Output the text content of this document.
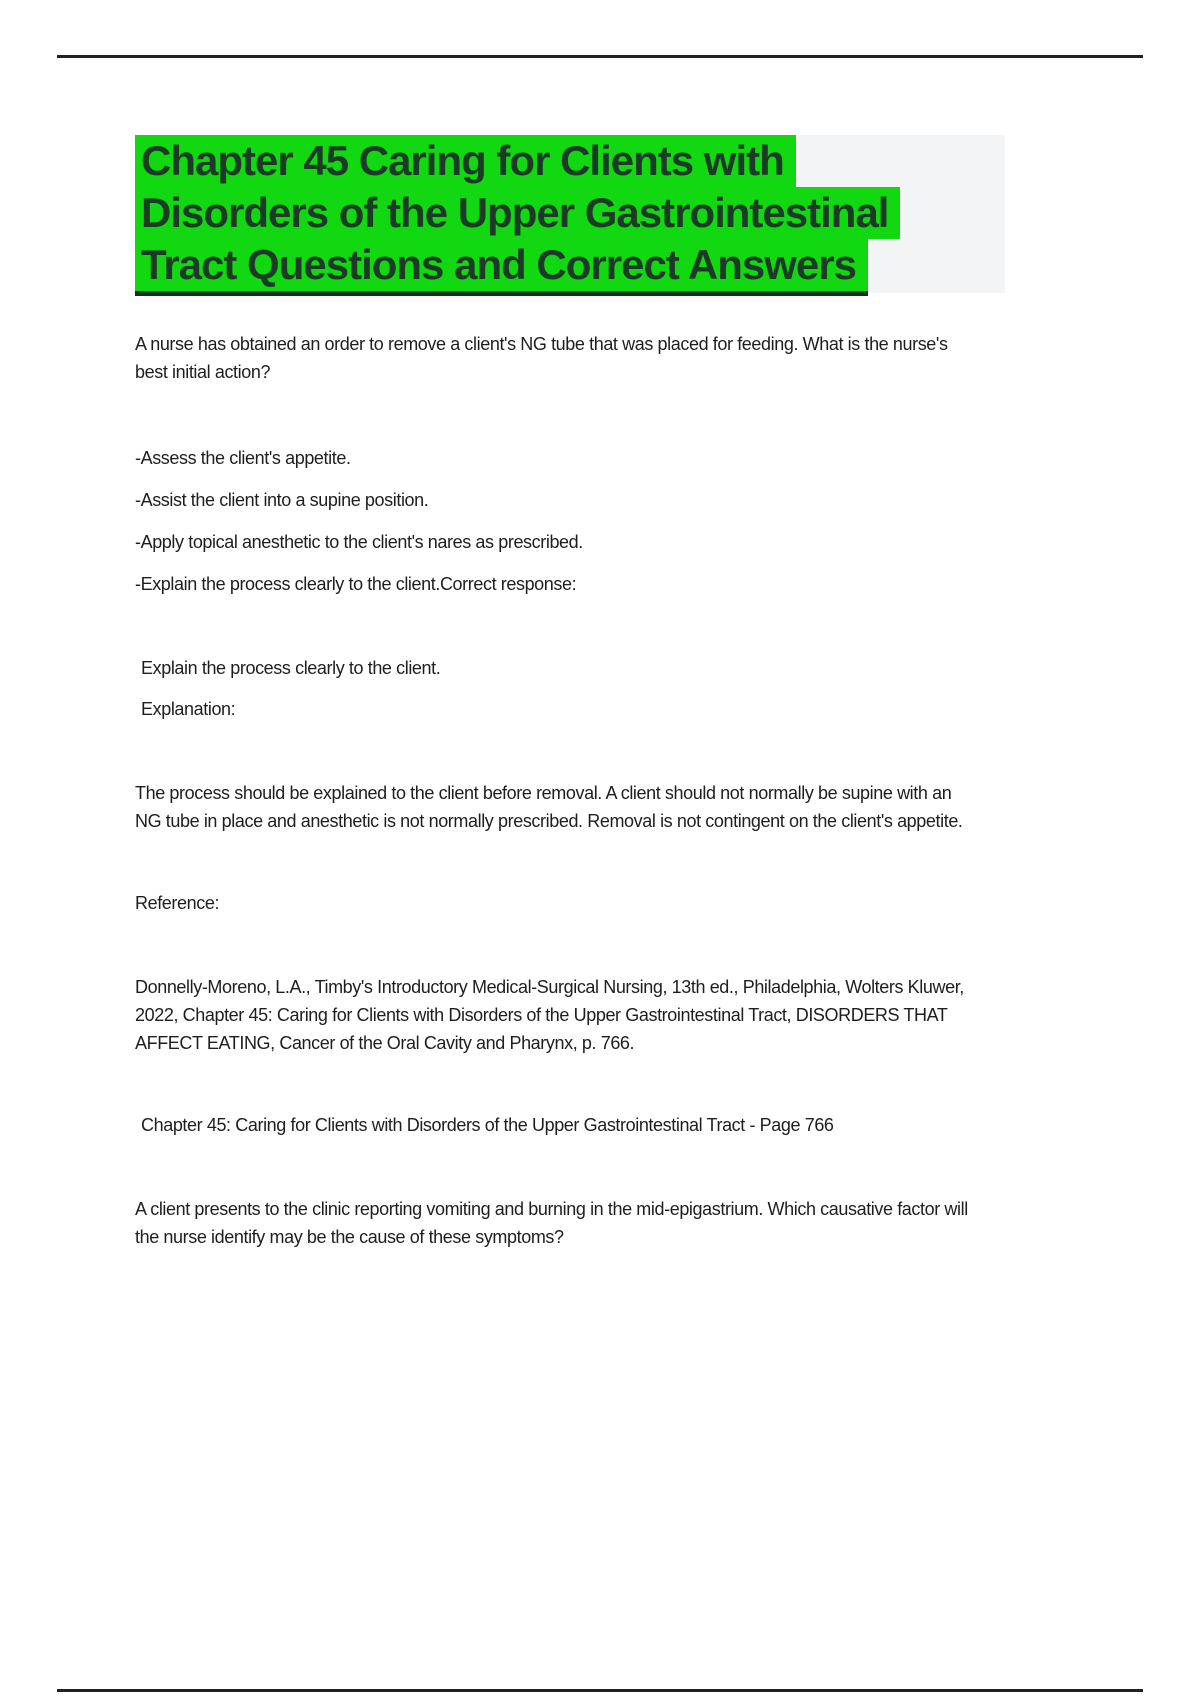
Chapter 45 Caring for Clients with
Disorders of the Upper Gastrointestinal
Tract Questions and Correct Answers

A nurse has obtained an order to remove a client's NG tube that was placed for feeding. What is the nurse's best initial action?

-Assess the client's appetite.

-Assist the client into a supine position.

-Apply topical anesthetic to the client's nares as prescribed.

-Explain the process clearly to the client.Correct response:

Explain the process clearly to the client.

Explanation:

The process should be explained to the client before removal. A client should not normally be supine with an NG tube in place and anesthetic is not normally prescribed. Removal is not contingent on the client's appetite.

Reference:

Donnelly-Moreno, L.A., Timby's Introductory Medical-Surgical Nursing, 13th ed., Philadelphia, Wolters Kluwer, 2022, Chapter 45: Caring for Clients with Disorders of the Upper Gastrointestinal Tract, DISORDERS THAT AFFECT EATING, Cancer of the Oral Cavity and Pharynx, p. 766.

Chapter 45: Caring for Clients with Disorders of the Upper Gastrointestinal Tract - Page 766

A client presents to the clinic reporting vomiting and burning in the mid-epigastrium. Which causative factor will the nurse identify may be the cause of these symptoms?
